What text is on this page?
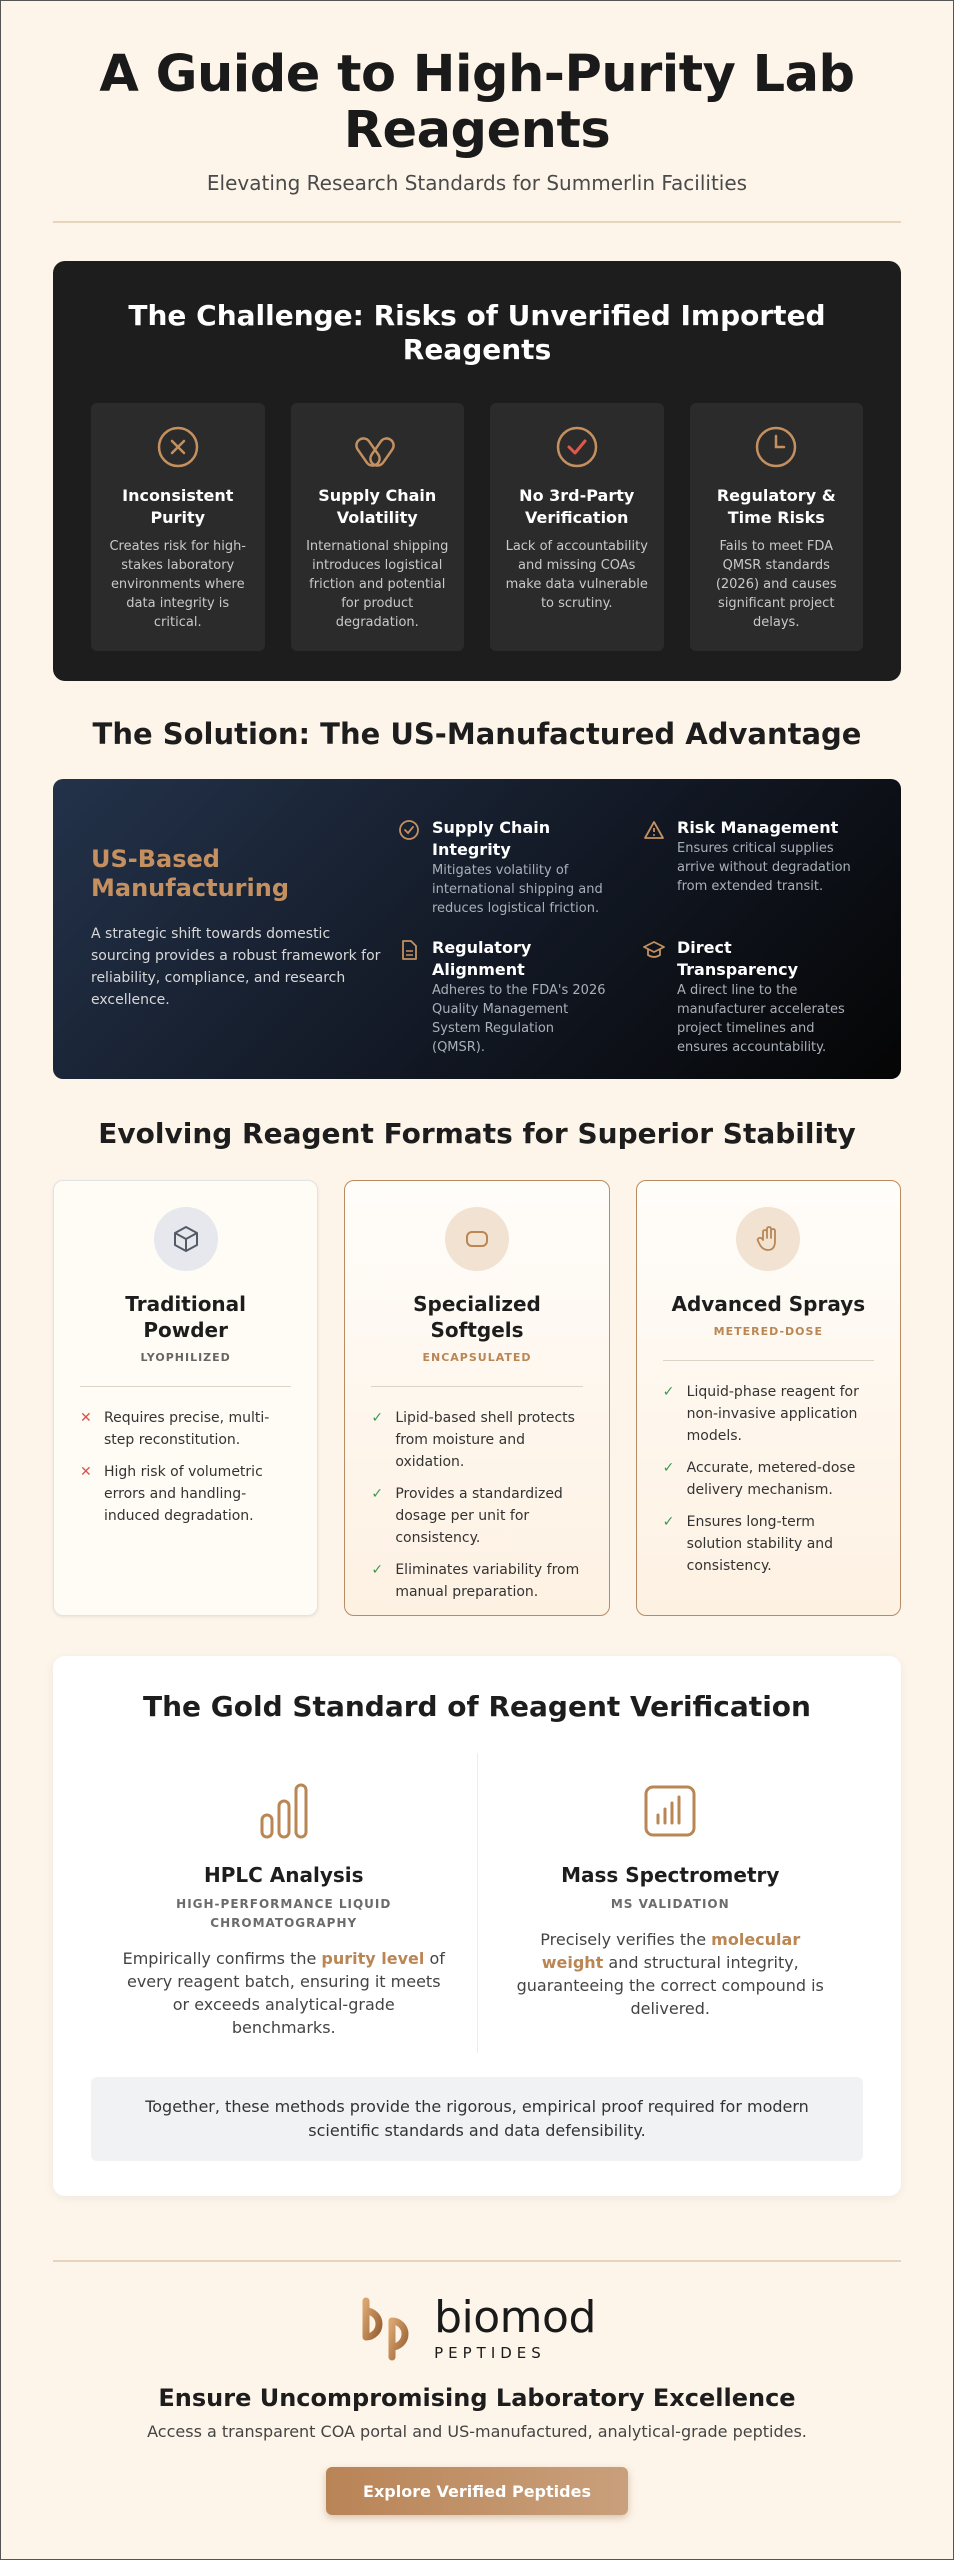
A Guide to High-Purity Lab Reagents
Elevating Research Standards for Summerlin Facilities
The Challenge: Risks of Unverified Imported Reagents
Inconsistent Purity

Creates risk for high-stakes laboratory environments where data integrity is critical.

Supply Chain Volatility

International shipping introduces logistical friction and potential for product degradation.

No 3rd-Party Verification

Lack of accountability and missing COAs make data vulnerable to scrutiny.

Regulatory & Time Risks

Fails to meet FDA QMSR standards (2026) and causes significant project delays.

The Solution: The US-Manufactured Advantage
US-Based Manufacturing

A strategic shift towards domestic sourcing provides a robust framework for reliability, compliance, and research excellence.

Supply Chain Integrity

Mitigates volatility of international shipping and reduces logistical friction.

Risk Management

Ensures critical supplies arrive without degradation from extended transit.

Regulatory Alignment

Adheres to the FDA's 2026 Quality Management System Regulation (QMSR).

Direct Transparency

A direct line to the manufacturer accelerates project timelines and ensures accountability.

Evolving Reagent Formats for Superior Stability
Traditional Powder
LYOPHILIZED
✕ Requires precise, multi-step reconstitution.
✕ High risk of volumetric errors and handling-induced degradation.
Specialized Softgels
ENCAPSULATED
✓ Lipid-based shell protects from moisture and oxidation.
✓ Provides a standardized dosage per unit for consistency.
✓ Eliminates variability from manual preparation.
Advanced Sprays
METERED-DOSE
✓ Liquid-phase reagent for non-invasive application models.
✓ Accurate, metered-dose delivery mechanism.
✓ Ensures long-term solution stability and consistency.
The Gold Standard of Reagent Verification
HPLC Analysis
HIGH-PERFORMANCE LIQUID CHROMATOGRAPHY

Empirically confirms the purity level of every reagent batch, ensuring it meets or exceeds analytical-grade benchmarks.

Mass Spectrometry
MS VALIDATION

Precisely verifies the molecular weight and structural integrity, guaranteeing the correct compound is delivered.

Together, these methods provide the rigorous, empirical proof required for modern scientific standards and data defensibility.
biomod
PEPTIDES
Ensure Uncompromising Laboratory Excellence
Access a transparent COA portal and US-manufactured, analytical-grade peptides.
Explore Verified Peptides
